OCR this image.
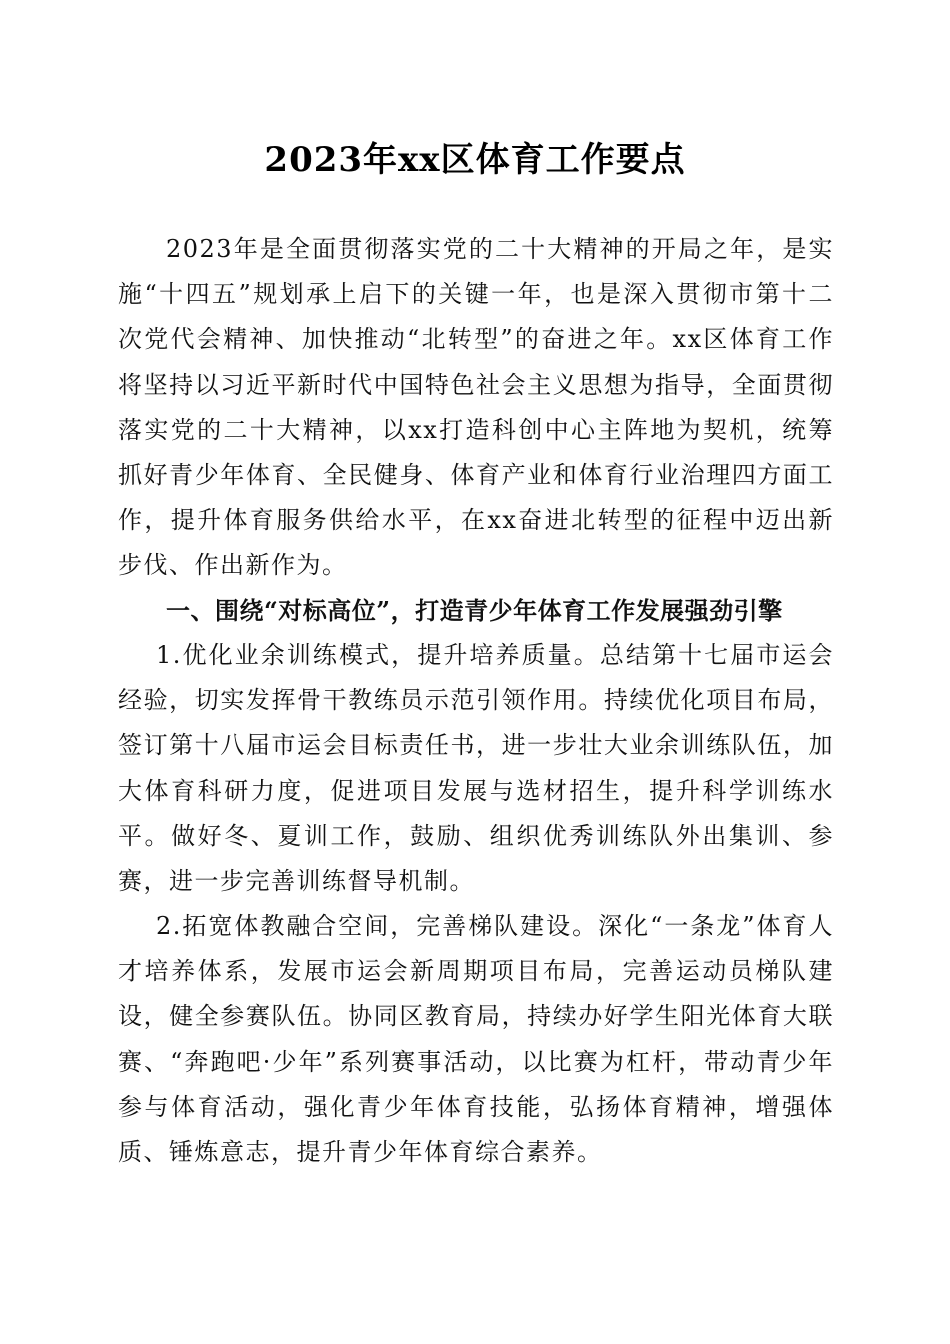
2023年xx区体育工作要点

2023年是全面贯彻落实党的二十大精神的开局之年，是实施“十四五”规划承上启下的关键一年，也是深入贯彻市第十二次党代会精神、加快推动“北转型”的奋进之年。xx区体育工作将坚持以习近平新时代中国特色社会主义思想为指导，全面贯彻落实党的二十大精神，以xx打造科创中心主阵地为契机，统筹抓好青少年体育、全民健身、体育产业和体育行业治理四方面工作，提升体育服务供给水平，在xx奋进北转型的征程中迈出新步伐、作出新作为。

一、围绕“对标高位”，打造青少年体育工作发展强劲引擎

1.优化业余训练模式，提升培养质量。总结第十七届市运会经验，切实发挥骨干教练员示范引领作用。持续优化项目布局，签订第十八届市运会目标责任书，进一步壮大业余训练队伍，加大体育科研力度，促进项目发展与选材招生，提升科学训练水平。做好冬、夏训工作，鼓励、组织优秀训练队外出集训、参赛，进一步完善训练督导机制。

2.拓宽体教融合空间，完善梯队建设。深化“一条龙”体育人才培养体系，发展市运会新周期项目布局，完善运动员梯队建设，健全参赛队伍。协同区教育局，持续办好学生阳光体育大联赛、“奔跑吧·少年”系列赛事活动，以比赛为杠杆，带动青少年参与体育活动，强化青少年体育技能，弘扬体育精神，增强体质、锤炼意志，提升青少年体育综合素养。
